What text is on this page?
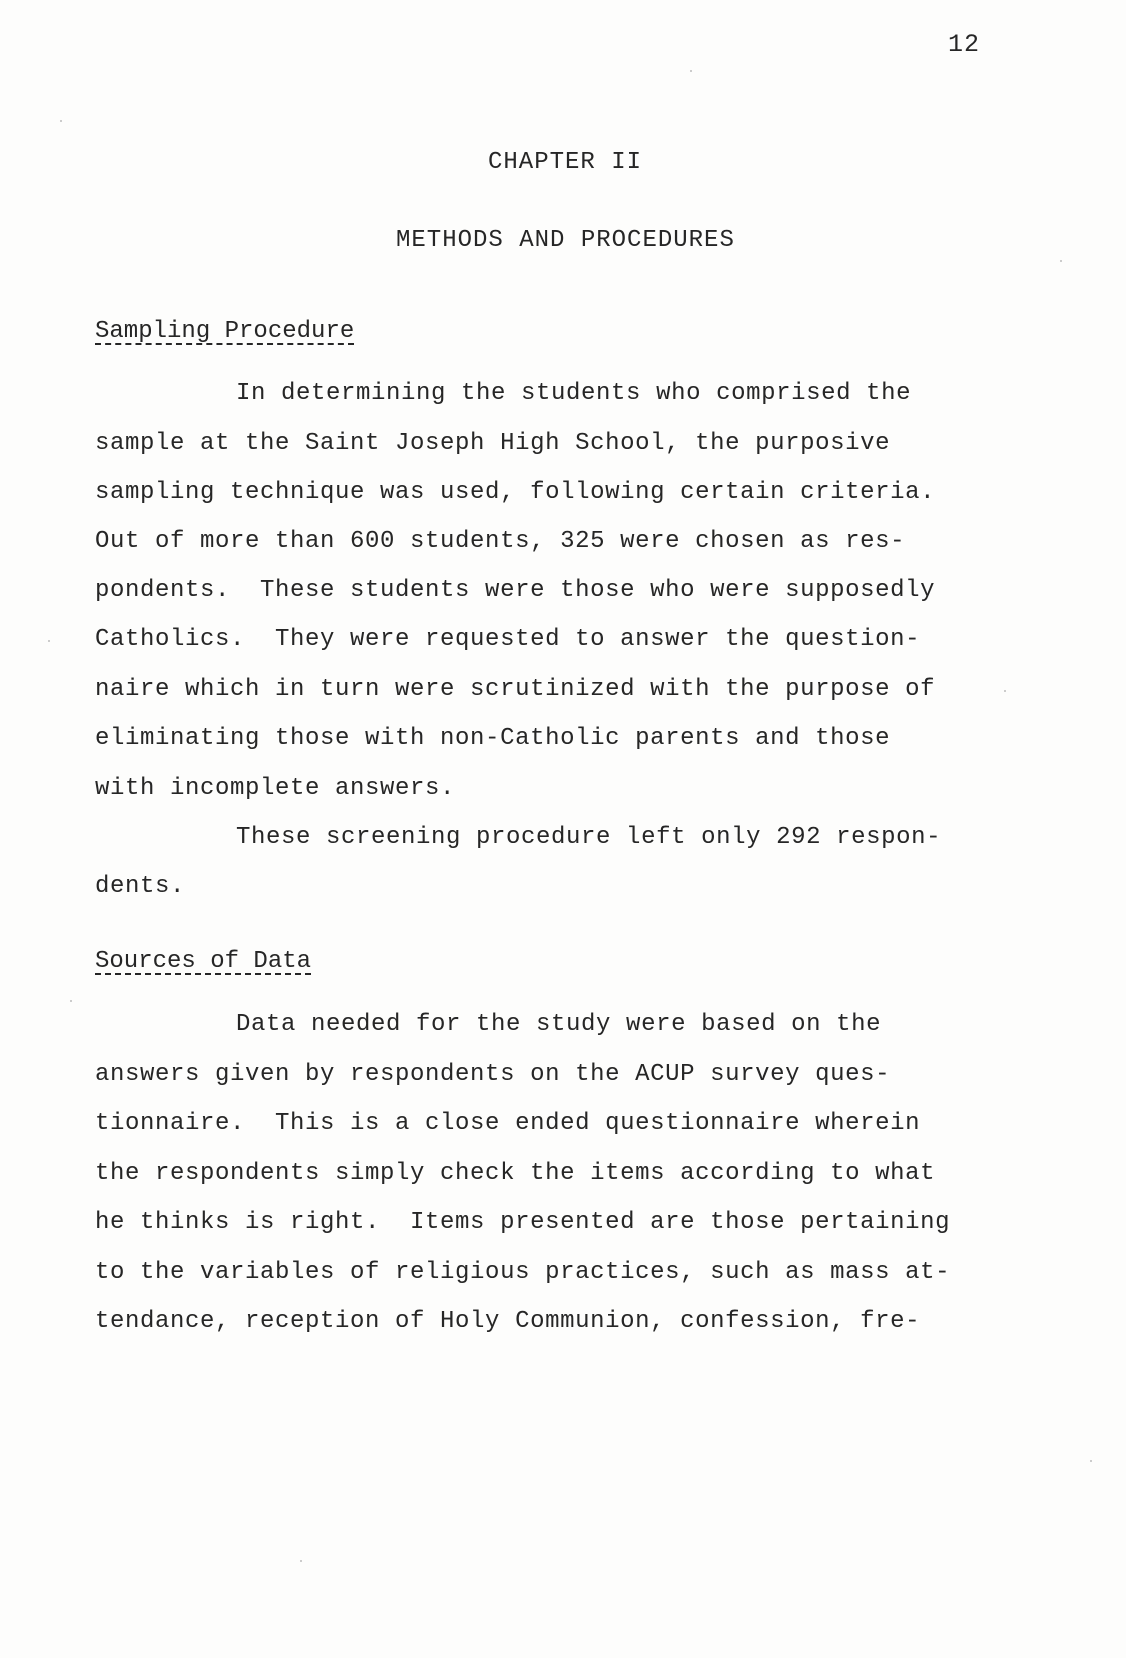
12
CHAPTER II
METHODS AND PROCEDURES
Sampling Procedure
In determining the students who comprised the
sample at the Saint Joseph High School, the purposive
sampling technique was used, following certain criteria.
Out of more than 600 students, 325 were chosen as res-
pondents.  These students were those who were supposedly
Catholics.  They were requested to answer the question-
naire which in turn were scrutinized with the purpose of
eliminating those with non-Catholic parents and those
with incomplete answers.
These screening procedure left only 292 respon-
dents.
Sources of Data
Data needed for the study were based on the
answers given by respondents on the ACUP survey ques-
tionnaire.  This is a close ended questionnaire wherein
the respondents simply check the items according to what
he thinks is right.  Items presented are those pertaining
to the variables of religious practices, such as mass at-
tendance, reception of Holy Communion, confession, fre-
